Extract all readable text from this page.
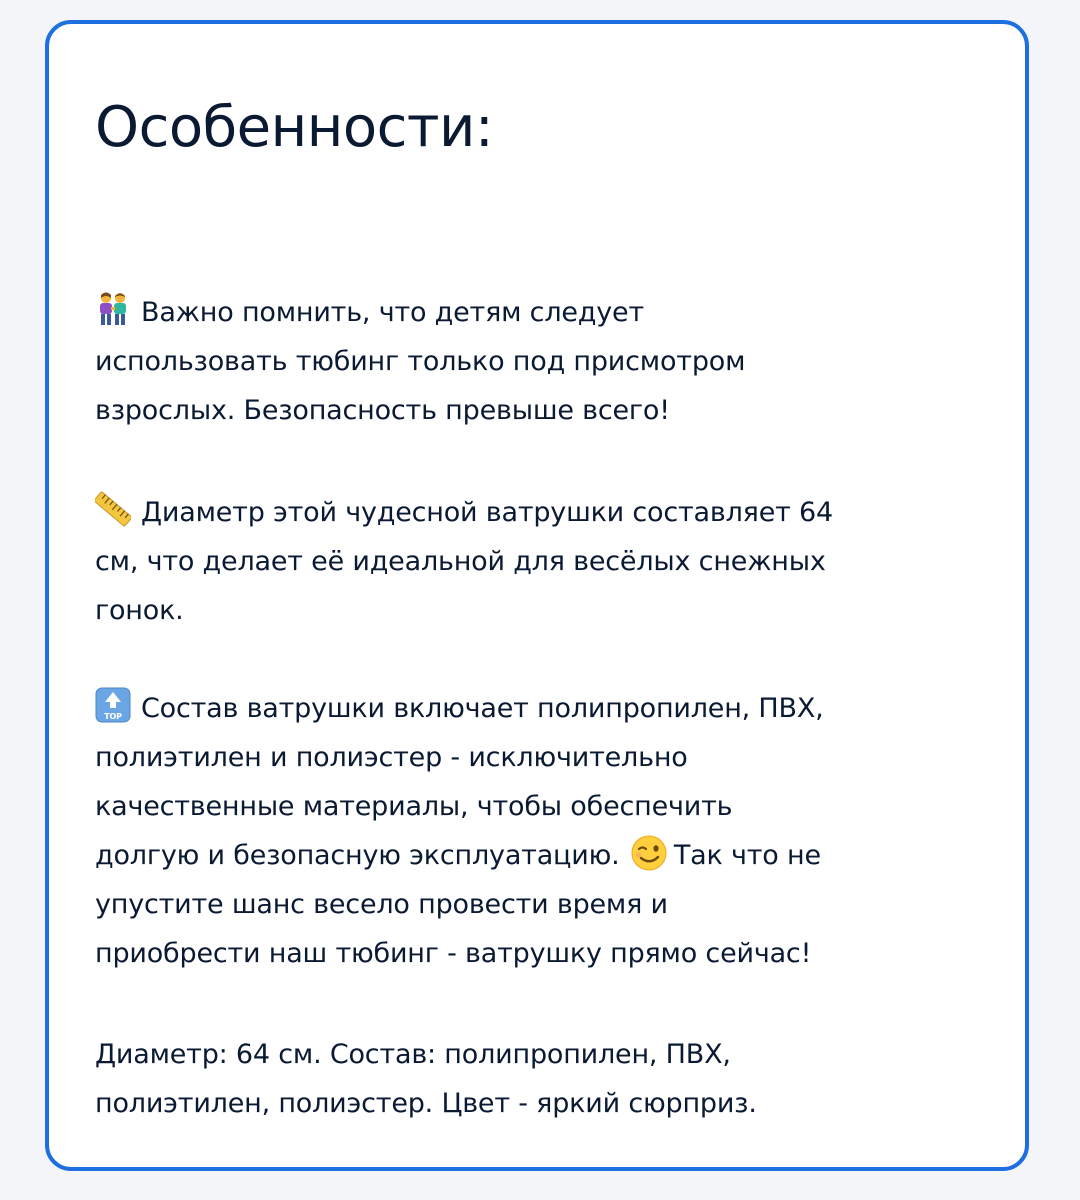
Особенности:

Важно помнить, что детям следует
использовать тюбинг только под присмотром
взрослых. Безопасность превыше всего!

Диаметр этой чудесной ватрушки составляет 64
см, что делает её идеальной для весёлых снежных
гонок.

TOP Состав ватрушки включает полипропилен, ПВХ,
полиэтилен и полиэстер - исключительно
качественные материалы, чтобы обеспечить
долгую и безопасную эксплуатацию. Так что не
упустите шанс весело провести время и
приобрести наш тюбинг - ватрушку прямо сейчас!

Диаметр: 64 см. Состав: полипропилен, ПВХ,
полиэтилен, полиэстер. Цвет - яркий сюрприз.
